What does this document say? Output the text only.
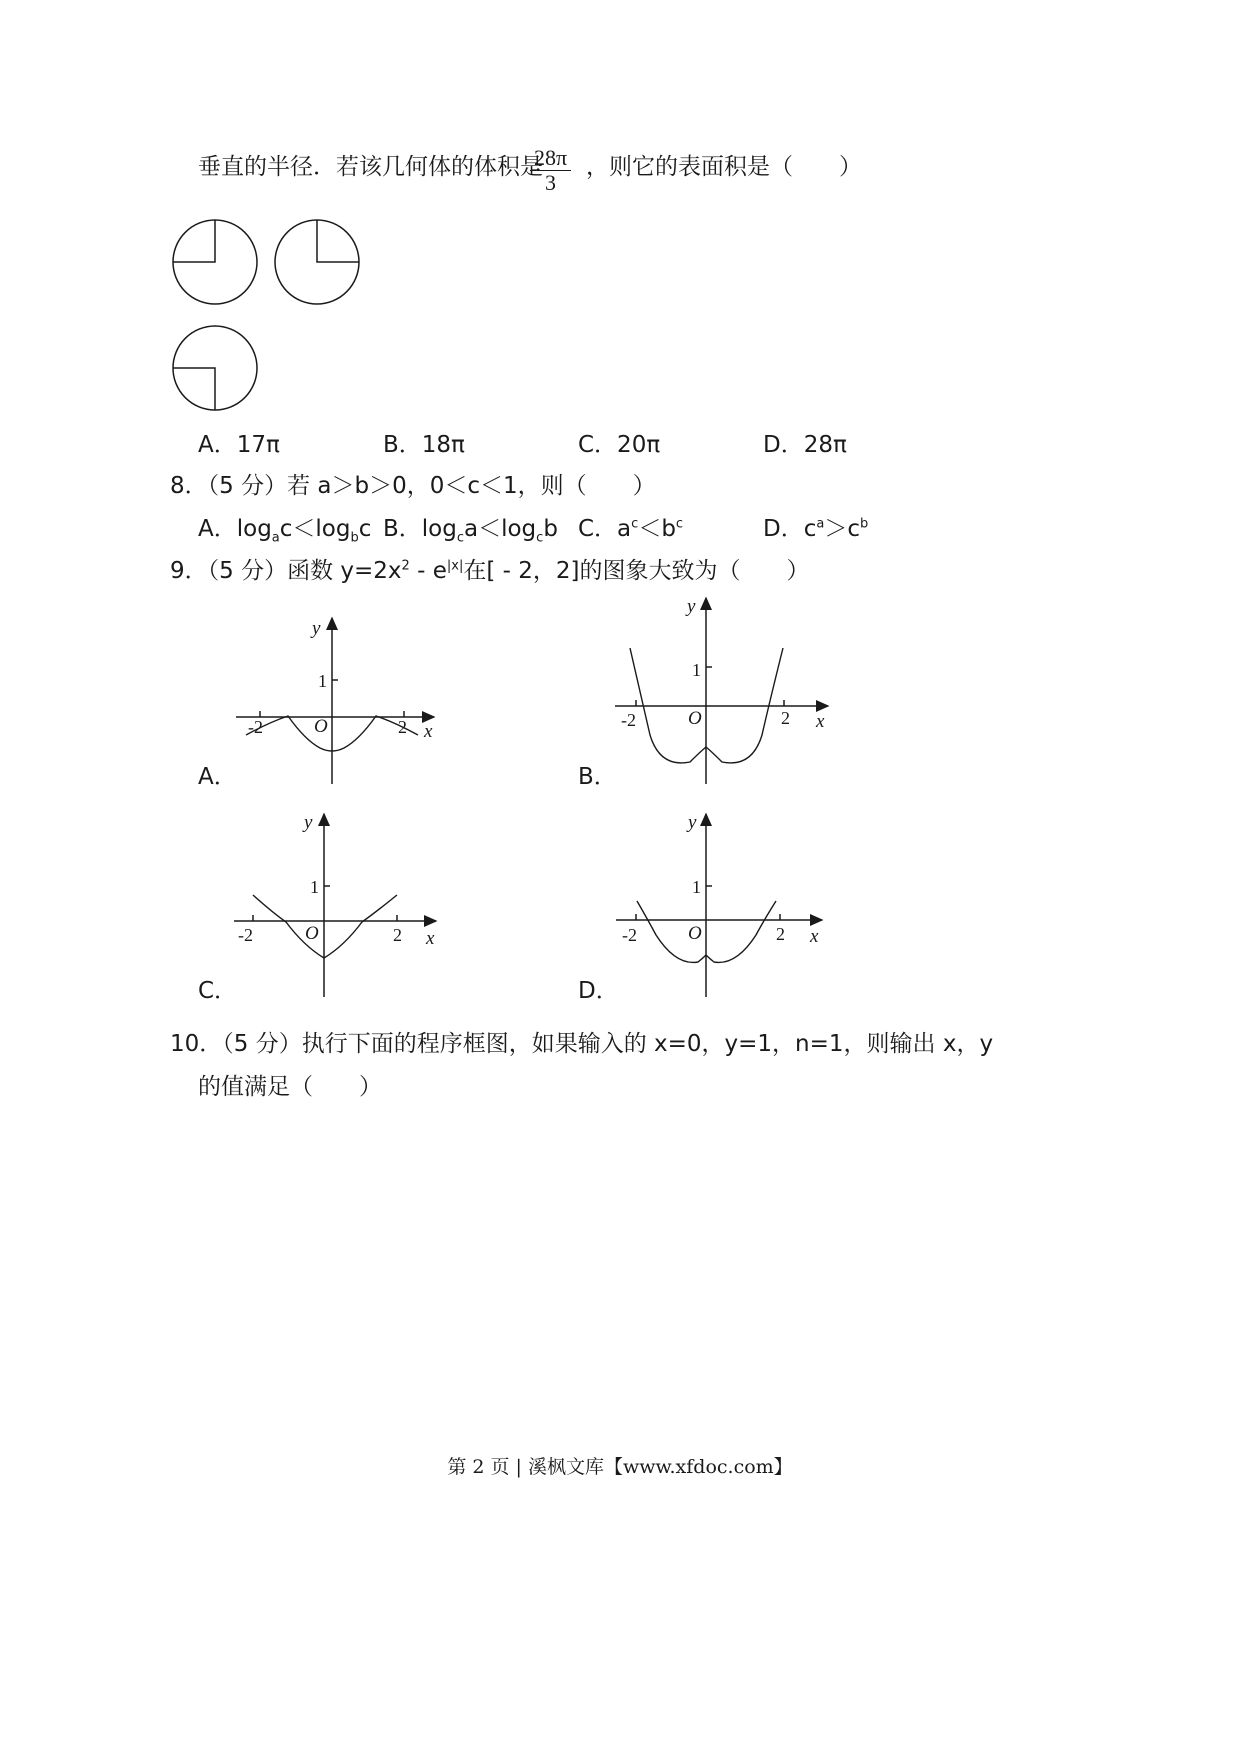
垂直的半径．若该几何体的体积是
$\frac{28\pi}{3}$ ，则它的表面积是（　　）
A．17π	B．18π	C．20π	D．28π
8．（5 分）若 a＞b＞0，0＜c＜1，则（　　）
A．$\log_ac<\log_bc$ B．$\log_ca<\log_cb$ C．$a^c<b^c$	D．$c^a>c^b$
9．（5 分）函数 $y=2x^2$ ‐ $e^{|x|}$在[ ‐ 2，2]的图象大致为（　　）
y
1
-2	O	2 x
y
1
-2	O	2 x
y
1
-2	O	2 x
y
1
-2	O	2 x
A．	B．
C．	D．
10．（5 分）执行下面的程序框图，如果输入的 x=0，y=1，n=1，则输出 x，y
的值满足（　　）
第 2 页 | 溪枫文库【www.xfdoc.com】
